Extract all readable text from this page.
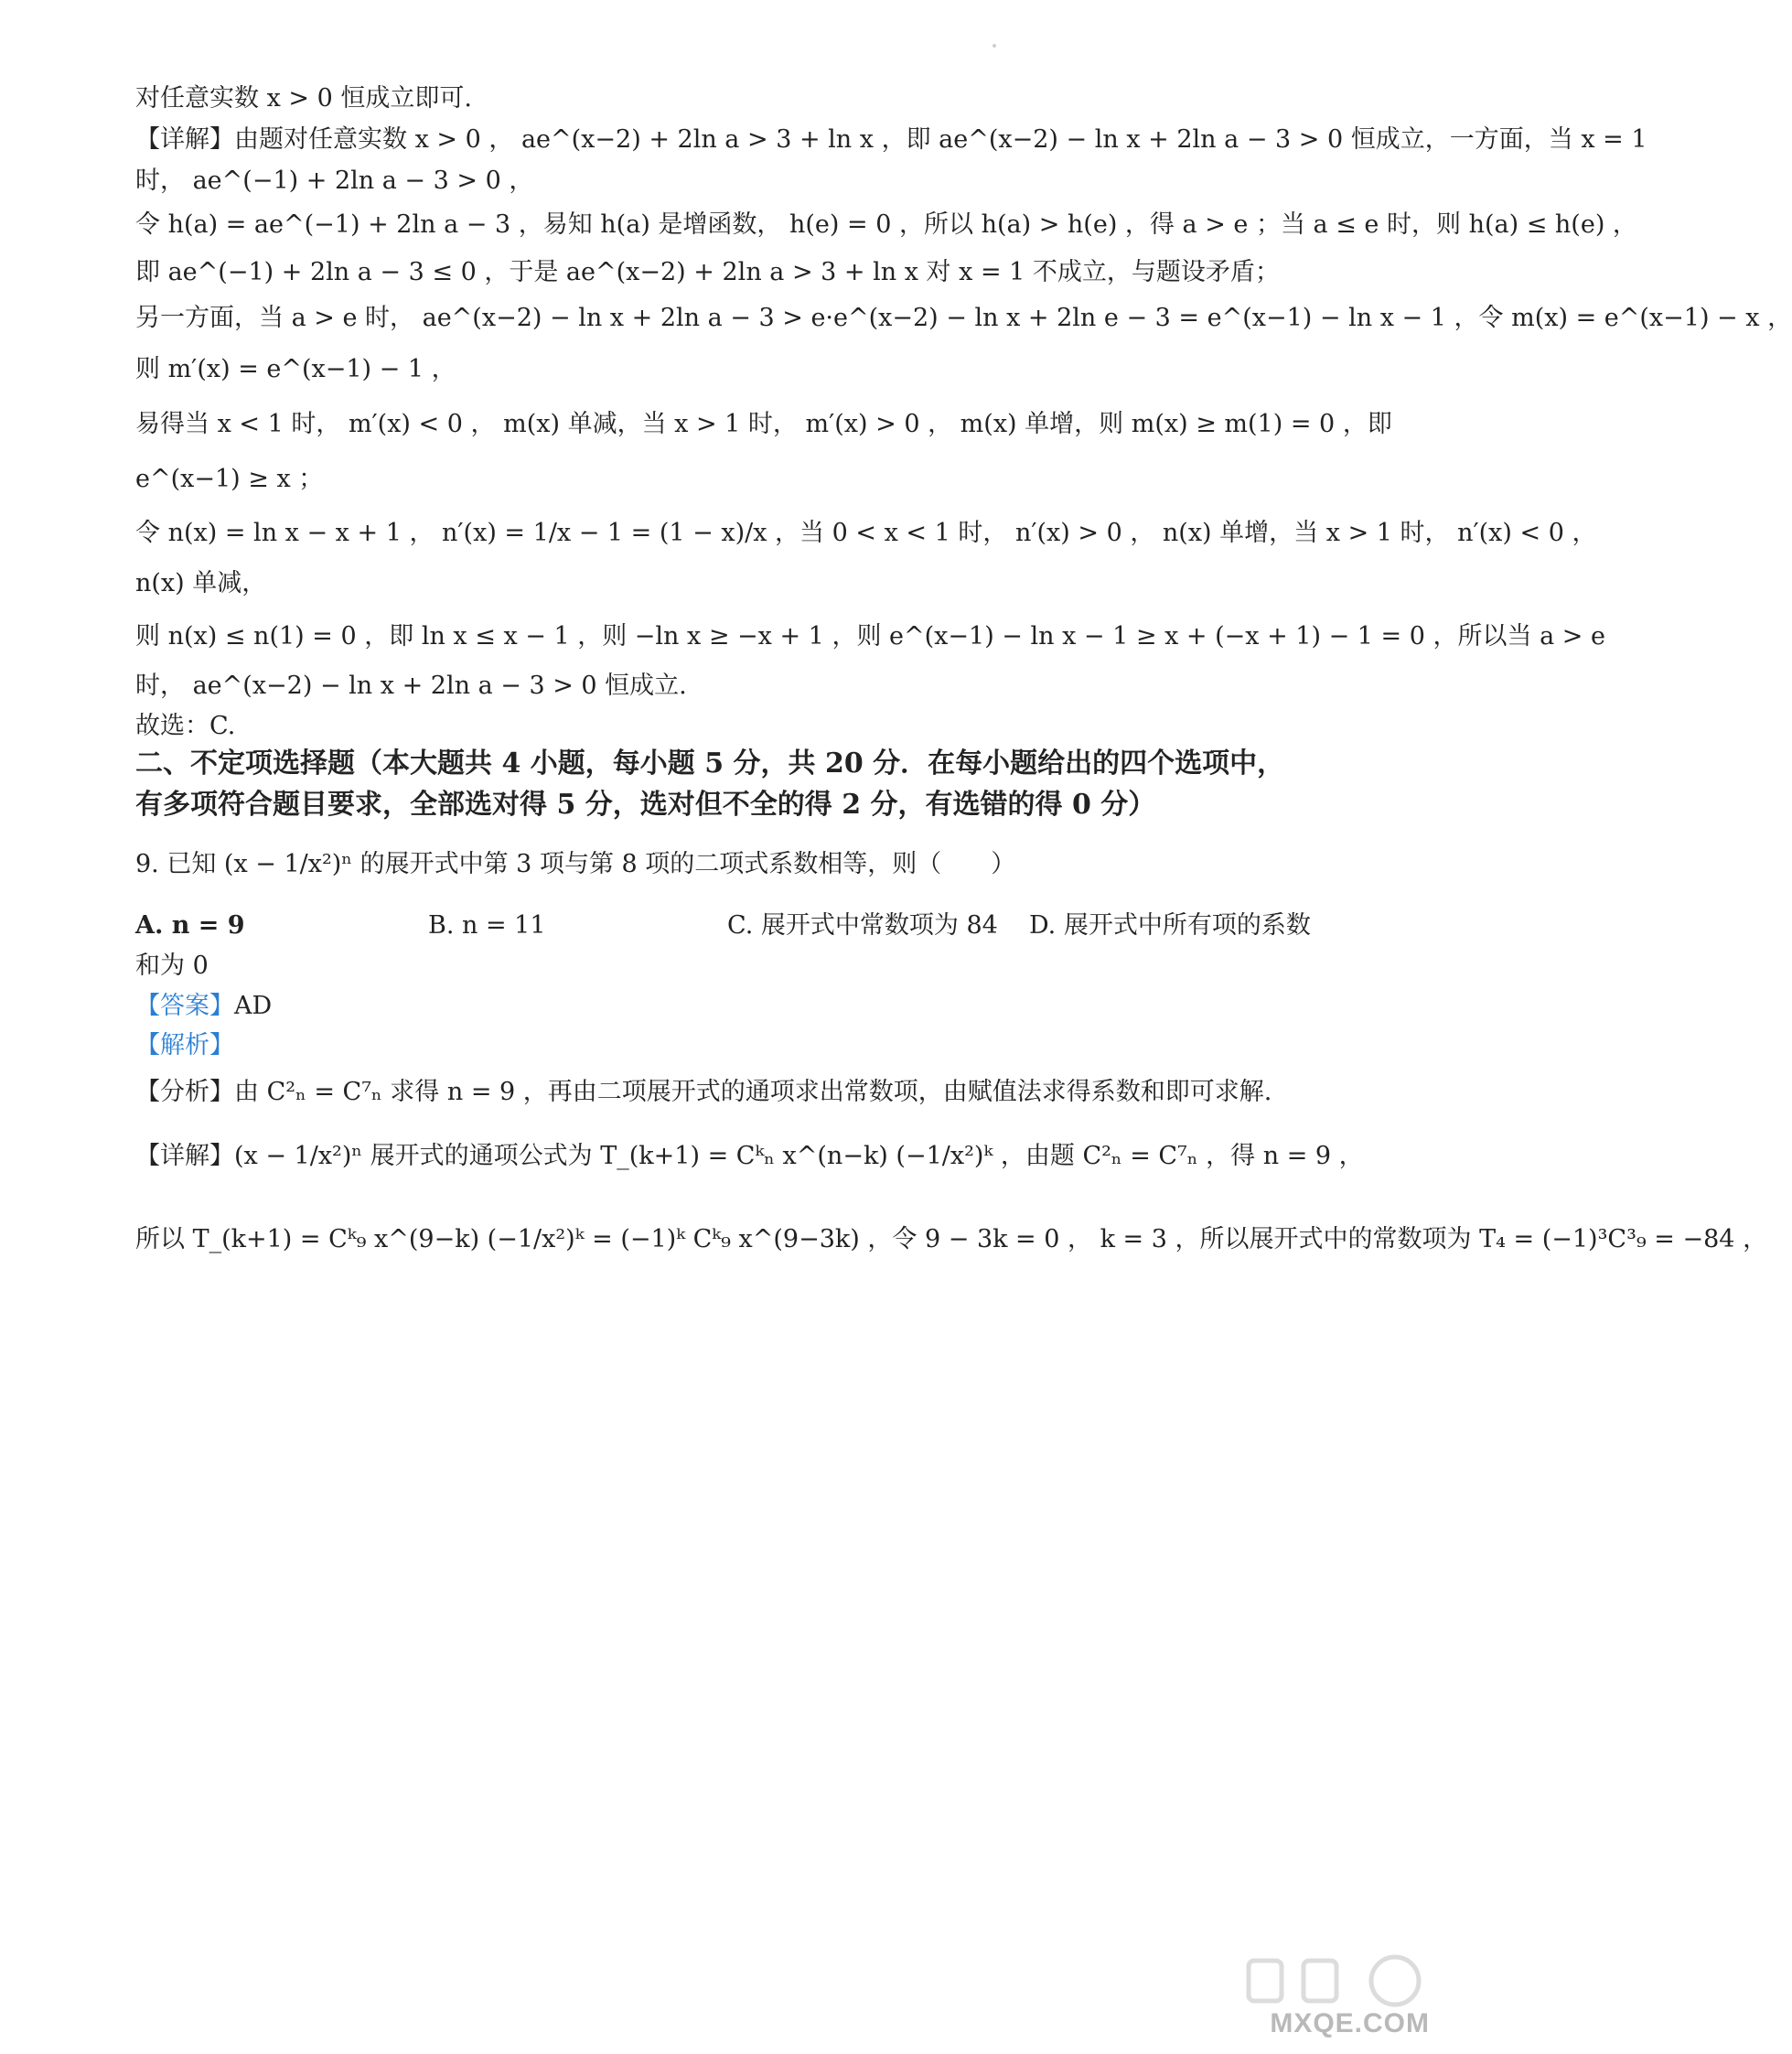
对任意实数 x > 0 恒成立即可.
【详解】由题对任意实数 x > 0 ， ae^(x−2) + 2ln a > 3 + ln x ，即 ae^(x−2) − ln x + 2ln a − 3 > 0 恒成立，一方面，当 x = 1
时， ae^(−1) + 2ln a − 3 > 0 ，
令 h(a) = ae^(−1) + 2ln a − 3 ，易知 h(a) 是增函数， h(e) = 0 ，所以 h(a) > h(e) ，得 a > e ；当 a ≤ e 时，则 h(a) ≤ h(e) ，
即 ae^(−1) + 2ln a − 3 ≤ 0 ，于是 ae^(x−2) + 2ln a > 3 + ln x 对 x = 1 不成立，与题设矛盾；
另一方面，当 a > e 时， ae^(x−2) − ln x + 2ln a − 3 > e·e^(x−2) − ln x + 2ln e − 3 = e^(x−1) − ln x − 1 ，令 m(x) = e^(x−1) − x ，
则 m′(x) = e^(x−1) − 1 ，
易得当 x < 1 时， m′(x) < 0 ， m(x) 单减，当 x > 1 时， m′(x) > 0 ， m(x) 单增，则 m(x) ≥ m(1) = 0 ，即
e^(x−1) ≥ x ；
令 n(x) = ln x − x + 1 ， n′(x) = 1/x − 1 = (1 − x)/x ，当 0 < x < 1 时， n′(x) > 0 ， n(x) 单增，当 x > 1 时， n′(x) < 0 ，
n(x) 单减，
则 n(x) ≤ n(1) = 0 ，即 ln x ≤ x − 1 ，则 −ln x ≥ −x + 1 ，则 e^(x−1) − ln x − 1 ≥ x + (−x + 1) − 1 = 0 ，所以当 a > e
时， ae^(x−2) − ln x + 2ln a − 3 > 0 恒成立.
故选：C.
二、不定项选择题（本大题共 4 小题，每小题 5 分，共 20 分．在每小题给出的四个选项中，
有多项符合题目要求，全部选对得 5 分，选对但不全的得 2 分，有选错的得 0 分）
9. 已知 (x − 1/x²)ⁿ 的展开式中第 3 项与第 8 项的二项式系数相等，则（　　）
A. n = 9	B. n = 11	C. 展开式中常数项为 84 D. 展开式中所有项的系数
和为 0
【答案】AD
【解析】
【分析】由 C²ₙ = C⁷ₙ 求得 n = 9 ，再由二项展开式的通项求出常数项，由赋值法求得系数和即可求解.
【详解】(x − 1/x²)ⁿ 展开式的通项公式为 T_(k+1) = Cᵏₙ x^(n−k) (−1/x²)ᵏ ，由题 C²ₙ = C⁷ₙ ，得 n = 9 ，
所以 T_(k+1) = Cᵏ₉ x^(9−k) (−1/x²)ᵏ = (−1)ᵏ Cᵏ₉ x^(9−3k) ，令 9 − 3k = 0 ， k = 3 ，所以展开式中的常数项为 T₄ = (−1)³C³₉ = −84 ，
MXQE.COM
